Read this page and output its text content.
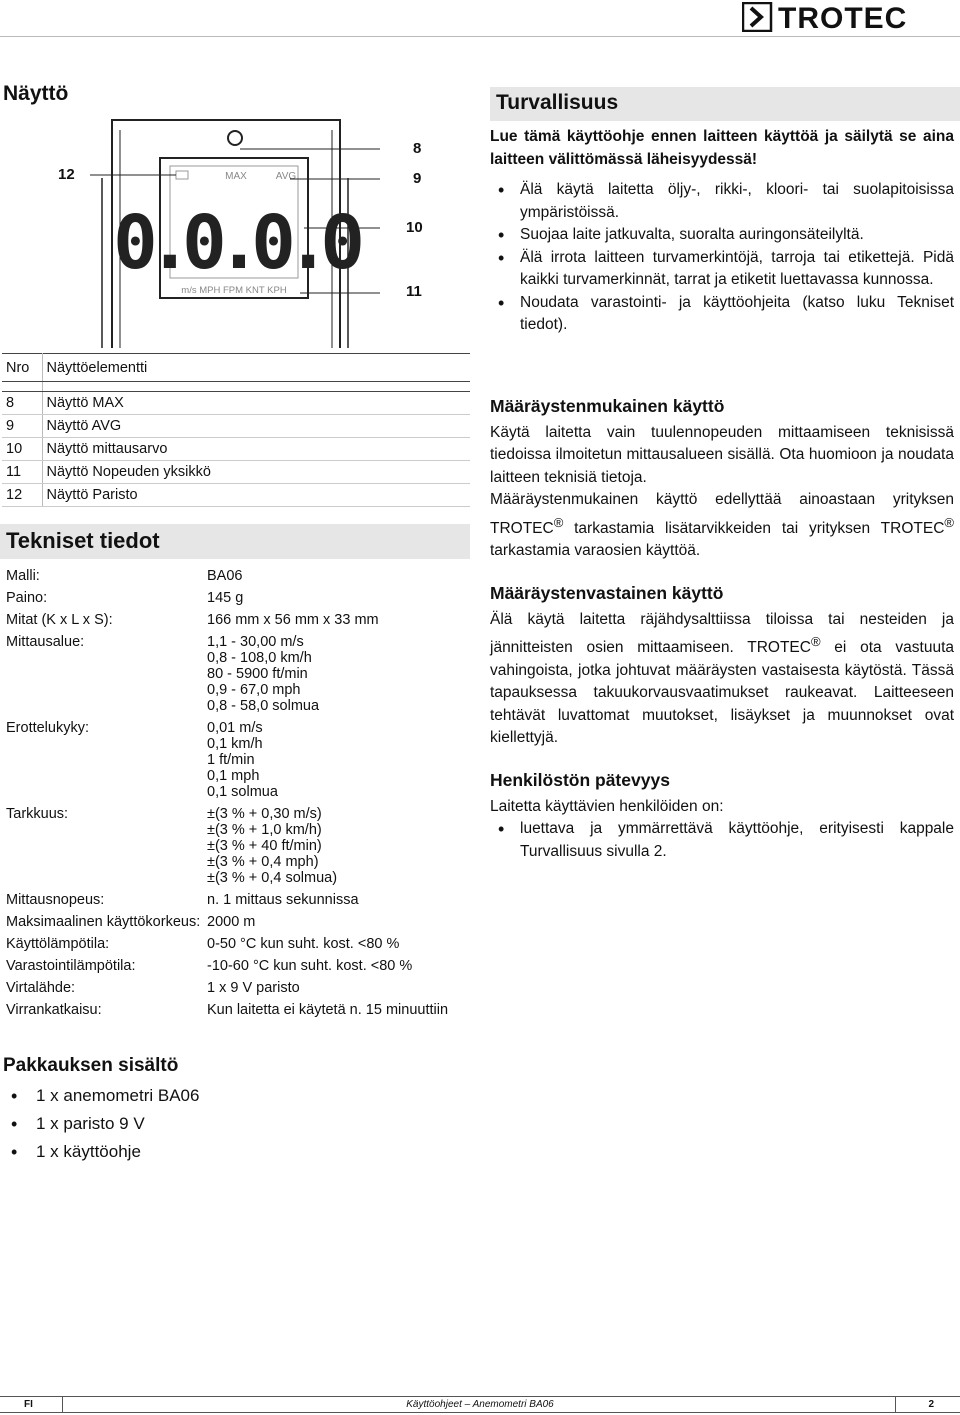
TROTEC
Näyttö
MAX	AVG
0.0.0.0
m/s MPH FPM KNT KPH
12
8
9
10
11
Nro	Näyttöelementti

8	Näyttö MAX
9	Näyttö AVG
10	Näyttö mittausarvo
11	Näyttö Nopeuden yksikkö
12	Näyttö Paristo
Tekniset tiedot
Malli:	BA06
Paino:	145 g
Mitat (K x L x S):	166 mm x 56 mm x 33 mm
Mittausalue:	1,1 - 30,00 m/s
0,8 - 108,0 km/h
80 - 5900 ft/min
0,9 - 67,0 mph
0,8 - 58,0 solmua
Erottelukyky:	0,01 m/s
0,1 km/h
1 ft/min
0,1 mph
0,1 solmua
Tarkkuus:	±(3 % + 0,30 m/s)
±(3 % + 1,0 km/h)
±(3 % + 40 ft/min)
±(3 % + 0,4 mph)
±(3 % + 0,4 solmua)
Mittausnopeus:	n. 1 mittaus sekunnissa
Maksimaalinen käyttökorkeus: 2000 m
Käyttölämpötila:	0-50 °C kun suht. kost. <80 %
Varastointilämpötila:	-10-60 °C kun suht. kost. <80 %
Virtalähde:	1 x 9 V paristo
Virrankatkaisu:	Kun laitetta ei käytetä n. 15 minuuttiin
Pakkauksen sisältö
• 1 x anemometri BA06
• 1 x paristo 9 V
• 1 x käyttöohje
Turvallisuus

Lue tämä käyttöohje ennen laitteen käyttöä ja säilytä se aina laitteen välittömässä läheisyydessä!

• Älä käytä laitetta öljy-, rikki-, kloori- tai suolapitoisissa ympäristöissä.
• Suojaa laite jatkuvalta, suoralta auringonsäteilyltä.
• Älä irrota laitteen turvamerkintöjä, tarroja tai etikettejä. Pidä kaikki turvamerkinnät, tarrat ja etiketit luettavassa kunnossa.
• Noudata varastointi- ja käyttöohjeita (katso luku Tekniset tiedot).
Määräystenmukainen käyttö

Käytä laitetta vain tuulennopeuden mittaamiseen teknisissä tiedoissa ilmoitetun mittausalueen sisällä. Ota huomioon ja noudata laitteen teknisiä tietoja.

Määräystenmukainen käyttö edellyttää ainoastaan yrityksen TROTEC® tarkastamia lisätarvikkeiden tai yrityksen TROTEC® tarkastamia varaosien käyttöä.

Määräystenvastainen käyttö

Älä käytä laitetta räjähdysalttiissa tiloissa tai nesteiden ja jännitteisten osien mittaamiseen. TROTEC® ei ota vastuuta vahingoista, jotka johtuvat määräysten vastaisesta käytöstä. Tässä tapauksessa takuukorvausvaatimukset raukeavat. Laitteeseen tehtävät luvattomat muutokset, lisäykset ja muunnokset ovat kiellettyjä.

Henkilöstön pätevyys

Laitetta käyttävien henkilöiden on:

• luettava ja ymmärrettävä käyttöohje, erityisesti kappale Turvallisuus sivulla 2.
FI	Käyttöohjeet – Anemometri BA06	2
